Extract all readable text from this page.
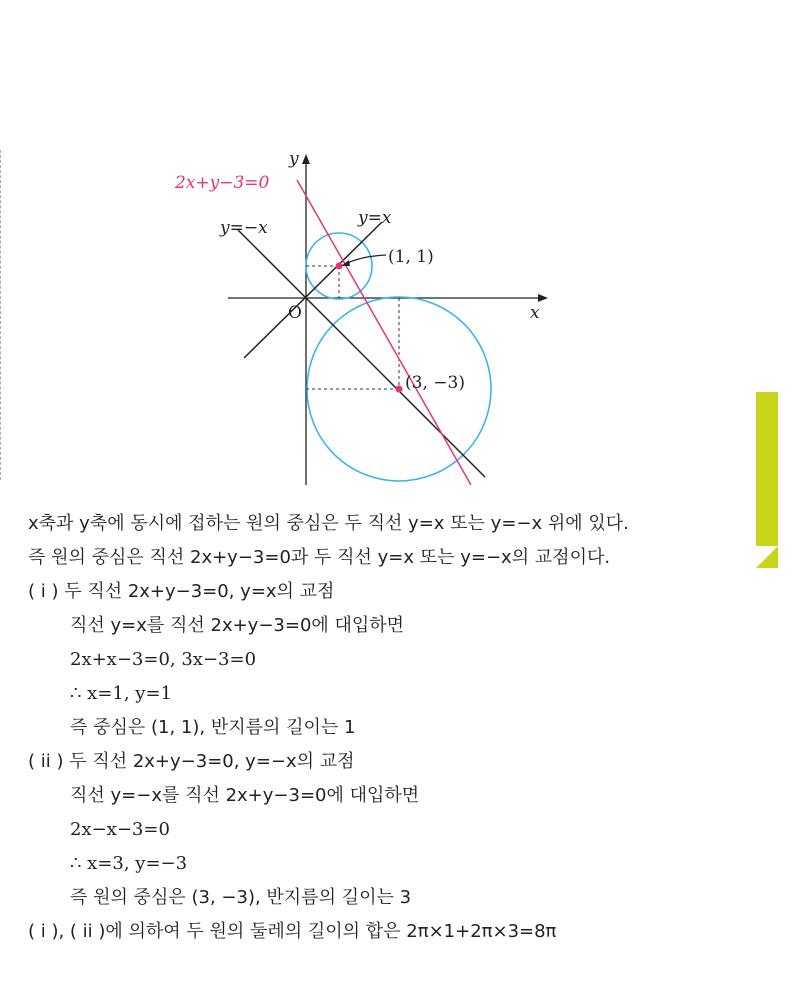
2x+y−3=0
y=−x	y=x
y
x
O
(1, 1)
(3, −3)
x축과 y축에 동시에 접하는 원의 중심은 두 직선 y=x 또는 y=−x 위에 있다.
즉 원의 중심은 직선 2x+y−3=0과 두 직선 y=x 또는 y=−x의 교점이다.
( i ) 두 직선 2x+y−3=0, y=x의 교점
직선 y=x를 직선 2x+y−3=0에 대입하면
2x+x−3=0, 3x−3=0
∴ x=1, y=1
즉 중심은 (1, 1), 반지름의 길이는 1
( ii ) 두 직선 2x+y−3=0, y=−x의 교점
직선 y=−x를 직선 2x+y−3=0에 대입하면
2x−x−3=0
∴ x=3, y=−3
즉 원의 중심은 (3, −3), 반지름의 길이는 3
( i ), ( ii )에 의하여 두 원의 둘레의 길이의 합은 2π×1+2π×3=8π
